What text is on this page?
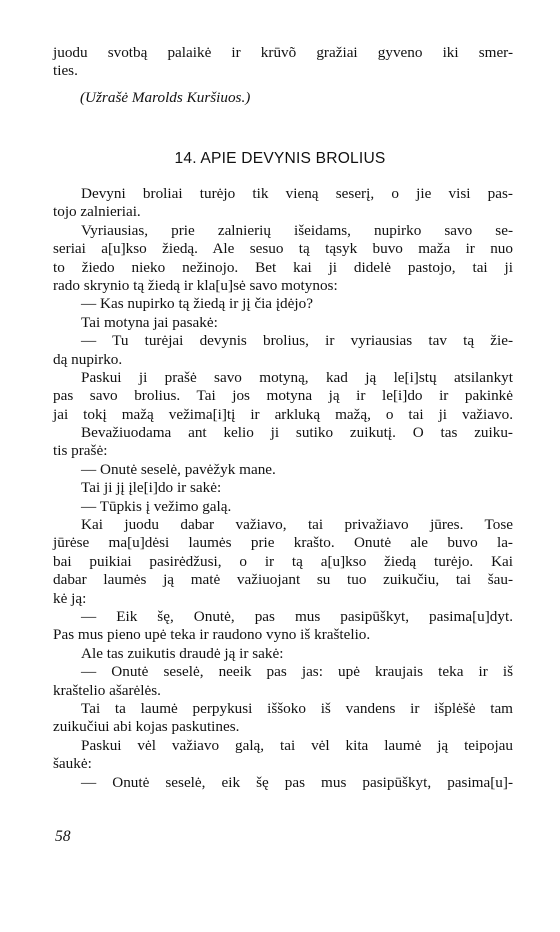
juodu svotbą palaikė ir krūvõ gražiai gyveno iki smer-
ties.
(Užrašė Marolds Kuršiuos.)
14. APIE DEVYNIS BROLIUS
Devyni broliai turėjo tik vieną seserį, o jie visi pas-
tojo zalnieriai.
Vyriausias, prie zalnierių išeidams, nupirko savo se-
seriai a[u]kso žiedą. Ale sesuo tą tąsyk buvo maža ir nuo
to žiedo nieko nežinojo. Bet kai ji didelė pastojo, tai ji
rado skrynio tą žiedą ir kla[u]sė savo motynos:
— Kas nupirko tą žiedą ir jį čia įdėjo?
Tai motyna jai pasakė:
— Tu turėjai devynis brolius, ir vyriausias tav tą žie-
dą nupirko.
Paskui ji prašė savo motyną, kad ją le[i]stų atsilankyt
pas savo brolius. Tai jos motyna ją ir le[i]do ir pakinkė
jai tokį mažą vežima[i]tį ir arkluką mažą, o tai ji važiavo.
Bevažiuodama ant kelio ji sutiko zuikutį. O tas zuiku-
tis prašė:
— Onutė seselė, pavėžyk mane.
Tai ji jį įle[i]do ir sakė:
— Tūpkis į vežimo galą.
Kai juodu dabar važiavo, tai privažiavo jūres. Tose
jūrėse ma[u]dėsi laumės prie krašto. Onutė ale buvo la-
bai puikiai pasirėdžusi, o ir tą a[u]kso žiedą turėjo. Kai
dabar laumės ją matė važiuojant su tuo zuikučiu, tai šau-
kė ją:
— Eik šę, Onutė, pas mus pasipūškyt, pasima[u]dyt.
Pas mus pieno upė teka ir raudono vyno iš kraštelio.
Ale tas zuikutis draudė ją ir sakė:
— Onutė seselė, neeik pas jas: upė kraujais teka ir iš
kraštelio ašarėlės.
Tai ta laumė perpykusi iššoko iš vandens ir išplėšė tam
zuikučiui abi kojas paskutines.
Paskui vėl važiavo galą, tai vėl kita laumė ją teipojau
šaukė:
— Onutė seselė, eik šę pas mus pasipūškyt, pasima[u]-
58
